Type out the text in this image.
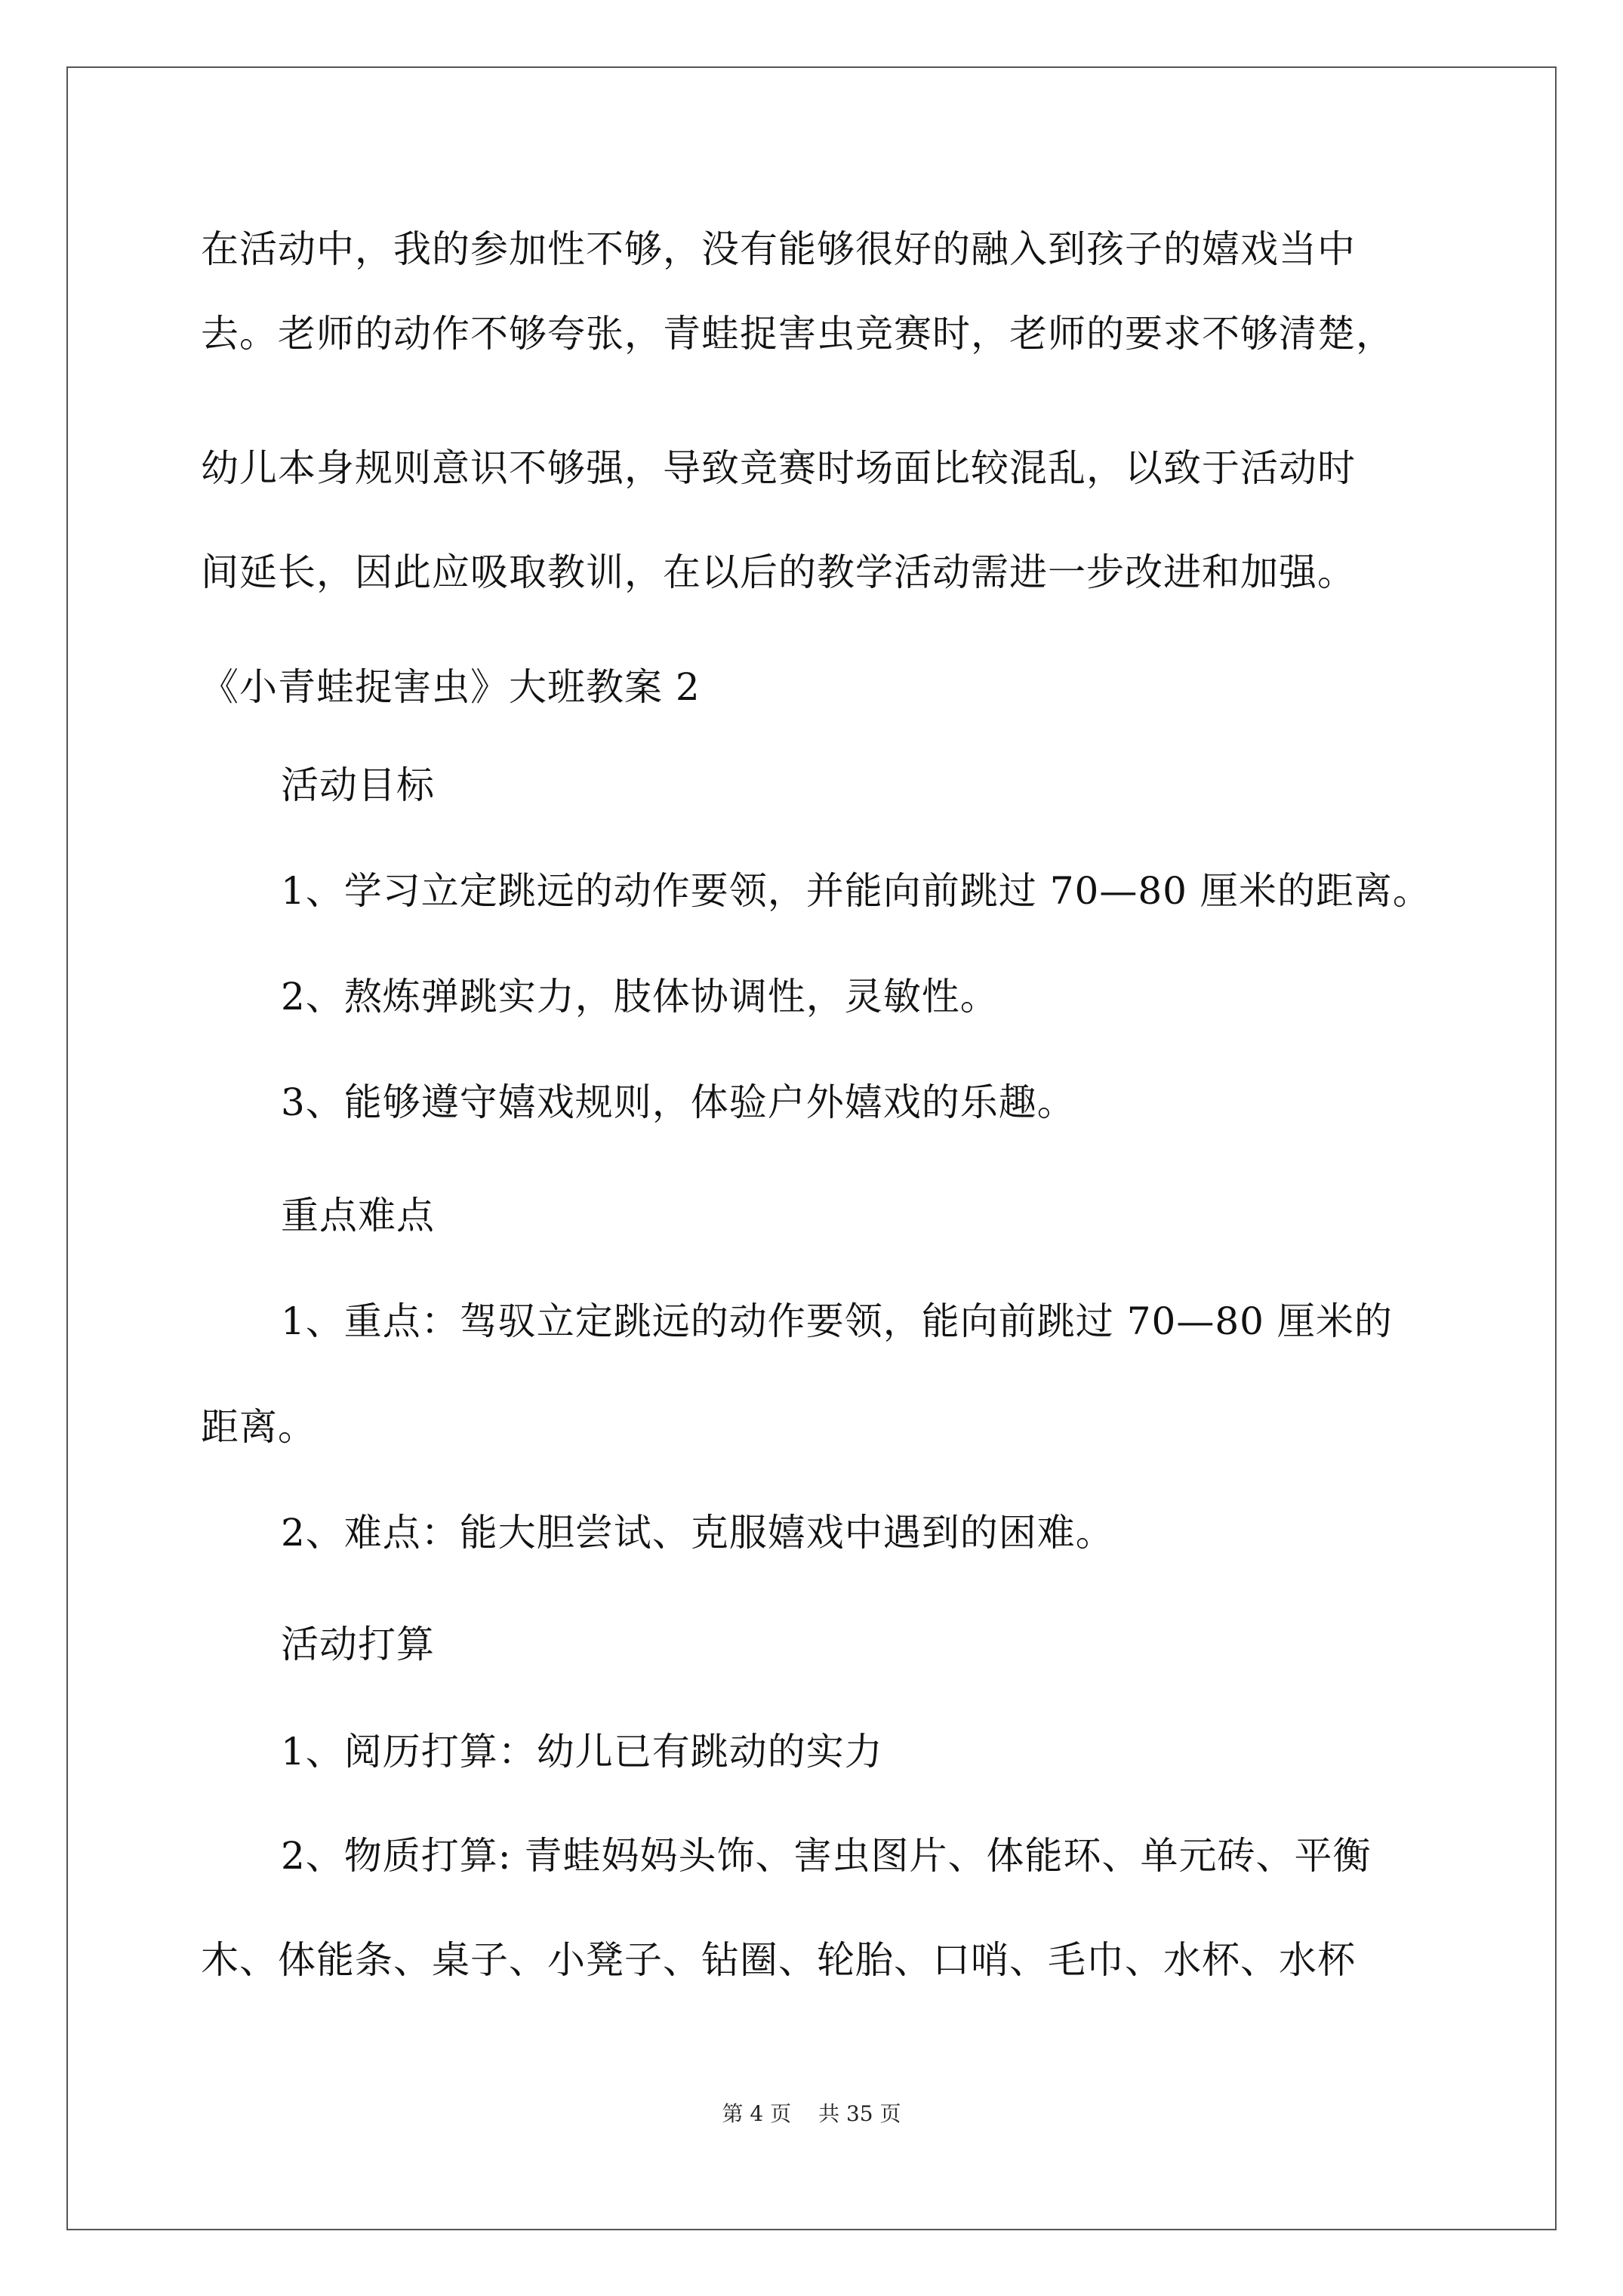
在活动中，我的参加性不够，没有能够很好的融入到孩子的嬉戏当中
去。老师的动作不够夸张，青蛙捉害虫竞赛时，老师的要求不够清楚，
幼儿本身规则意识不够强，导致竞赛时场面比较混乱，以致于活动时
间延长，因此应吸取教训，在以后的教学活动需进一步改进和加强。
《小青蛙捉害虫》大班教案 2
活动目标
1、学习立定跳远的动作要领，并能向前跳过 70—80 厘米的距离。
2、熬炼弹跳实力，肢体协调性，灵敏性。
3、能够遵守嬉戏规则，体验户外嬉戏的乐趣。
重点难点
1、重点：驾驭立定跳远的动作要领，能向前跳过 70—80 厘米的
距离。
2、难点：能大胆尝试、克服嬉戏中遇到的困难。
活动打算
1、阅历打算：幼儿已有跳动的实力
2、物质打算: 青蛙妈妈头饰、害虫图片、体能环、单元砖、平衡
木、体能条、桌子、小凳子、钻圈、轮胎、口哨、毛巾、水杯、水杯
第 4 页 共 35 页
